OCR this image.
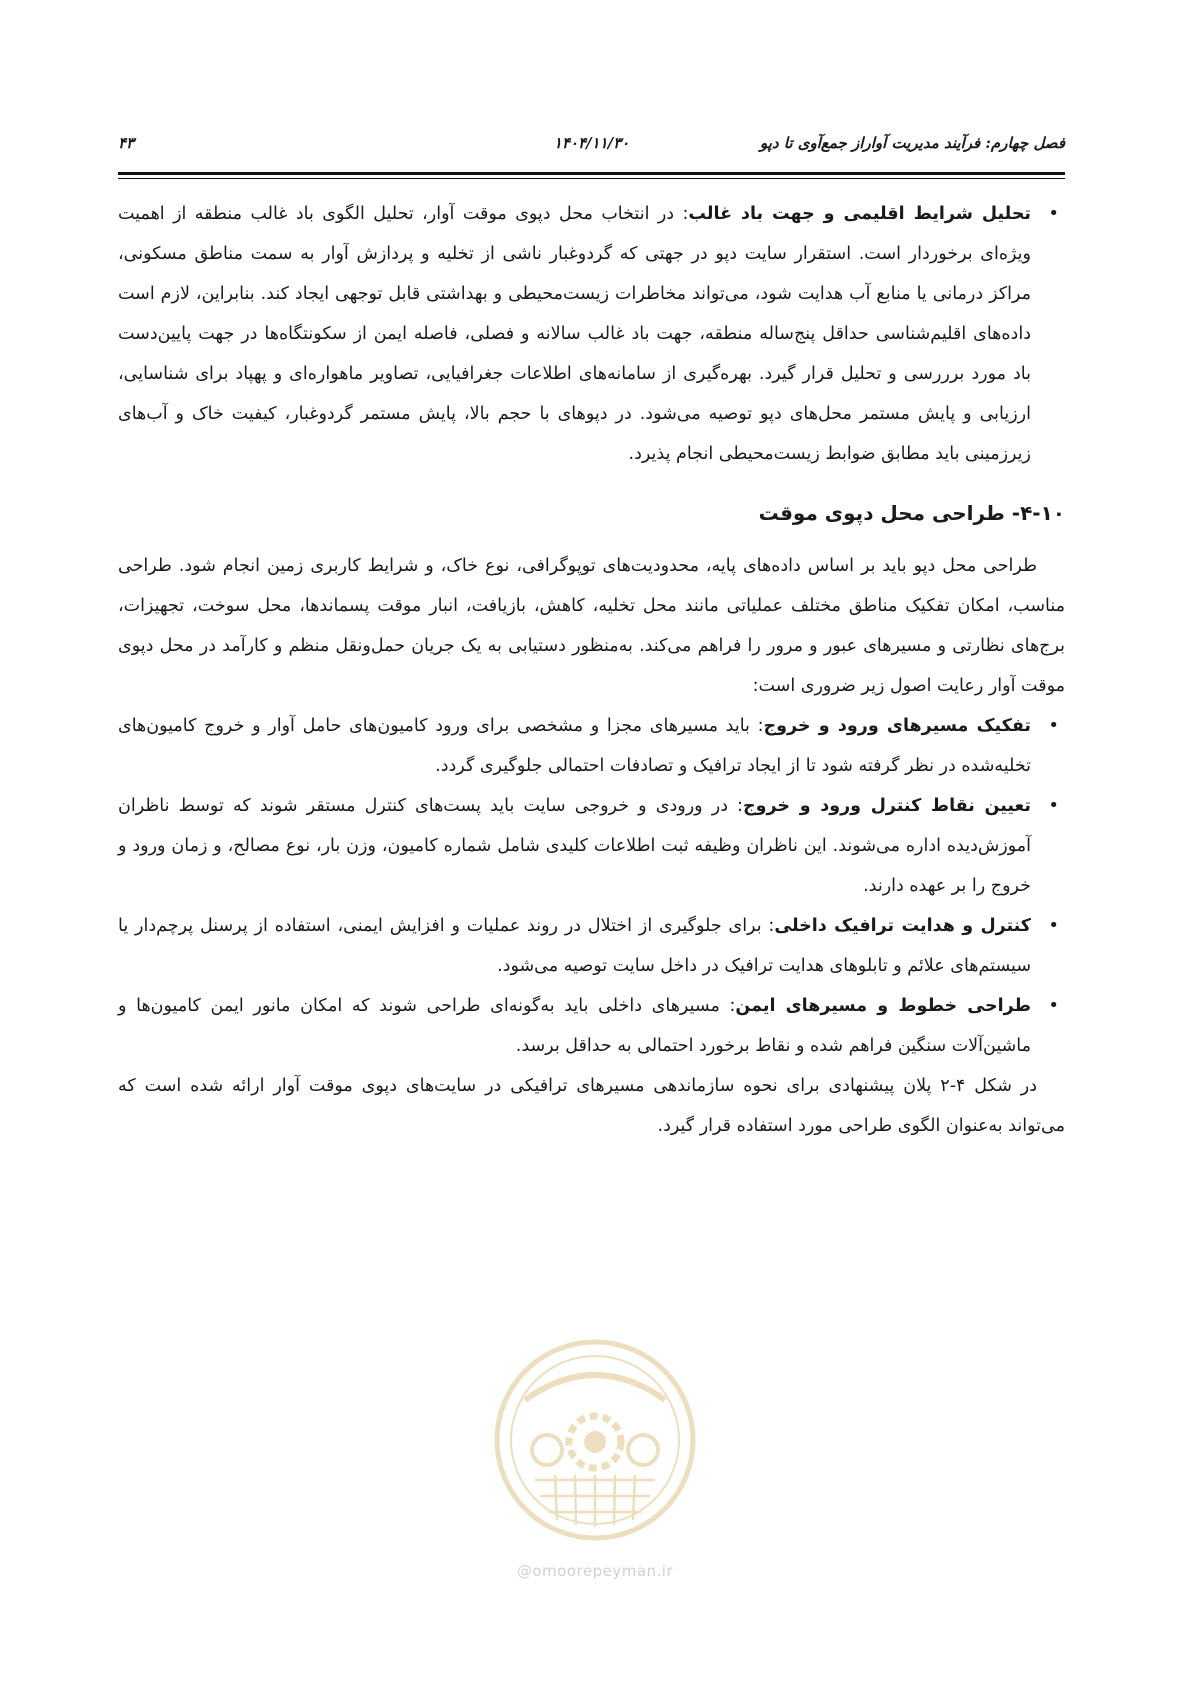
فصل چهارم: فرآیند مدیریت آواراز جمع‌آوی تا دپو
۱۴۰۴/۱۱/۳۰
۴۳
• تحلیل شرایط اقلیمی و جهت باد غالب: در انتخاب محل دپوی موقت آوار، تحلیل الگوی باد غالب منطقه از اهمیت ویژه‌ای برخوردار است. استقرار سایت دپو در جهتی که گردوغبار ناشی از تخلیه و پردازش آوار به سمت مناطق مسکونی، مراکز درمانی یا منابع آب هدایت شود، می‌تواند مخاطرات زیست‌محیطی و بهداشتی قابل توجهی ایجاد کند. بنابراین، لازم است داده‌های اقلیم‌شناسی حداقل پنج‌ساله منطقه، جهت باد غالب سالانه و فصلی، فاصله ایمن از سکونتگاه‌ها در جهت پایین‌دست باد مورد برررسی و تحلیل قرار گیرد. بهره‌گیری از سامانه‌های اطلاعات جغرافیایی، تصاویر ماهواره‌ای و پهپاد برای شناسایی، ارزیابی و پایش مستمر محل‌های دپو توصیه می‌شود. در دپوهای با حجم بالا، پایش مستمر گردوغبار، کیفیت خاک و آب‌های زیرزمینی باید مطابق ضوابط زیست‌محیطی انجام پذیرد.
۴-۱۰- طراحی محل دپوی موقت

طراحی محل دپو باید بر اساس داده‌های پایه، محدودیت‌های توپوگرافی، نوع خاک، و شرایط کاربری زمین انجام شود. طراحی مناسب، امکان تفکیک مناطق مختلف عملیاتی مانند محل تخلیه، کاهش، بازیافت، انبار موقت پسماندها، محل سوخت، تجهیزات، برج‌های نظارتی و مسیرهای عبور و مرور را فراهم می‌کند. به‌منظور دستیابی به یک جریان حمل‌ونقل منظم و کارآمد در محل دپوی موقت آوار رعایت اصول زیر ضروری است:

• تفکیک مسیرهای ورود و خروج: باید مسیرهای مجزا و مشخصی برای ورود کامیون‌های حامل آوار و خروج کامیون‌های تخلیه‌شده در نظر گرفته شود تا از ایجاد ترافیک و تصادفات احتمالی جلوگیری گردد.
• تعیین نقاط کنترل ورود و خروج: در ورودی و خروجی سایت باید پست‌های کنترل مستقر شوند که توسط ناظران آموزش‌دیده اداره می‌شوند. این ناظران وظیفه ثبت اطلاعات کلیدی شامل شماره کامیون، وزن بار، نوع مصالح، و زمان ورود و خروج را بر عهده دارند.
• کنترل و هدایت ترافیک داخلی: برای جلوگیری از اختلال در روند عملیات و افزایش ایمنی، استفاده از پرسنل پرچم‌دار یا سیستم‌های علائم و تابلوهای هدایت ترافیک در داخل سایت توصیه می‌شود.
• طراحی خطوط و مسیرهای ایمن: مسیرهای داخلی باید به‌گونه‌ای طراحی شوند که امکان مانور ایمن کامیون‌ها و ماشین‌آلات سنگین فراهم شده و نقاط برخورد احتمالی به حداقل برسد.

در شکل ۴-۲ پلان پیشنهادی برای نحوه سازماندهی مسیرهای ترافیکی در سایت‌های دپوی موقت آوار ارائه شده است که می‌تواند به‌عنوان الگوی طراحی مورد استفاده قرار گیرد.

@omoorepeyman.ir
